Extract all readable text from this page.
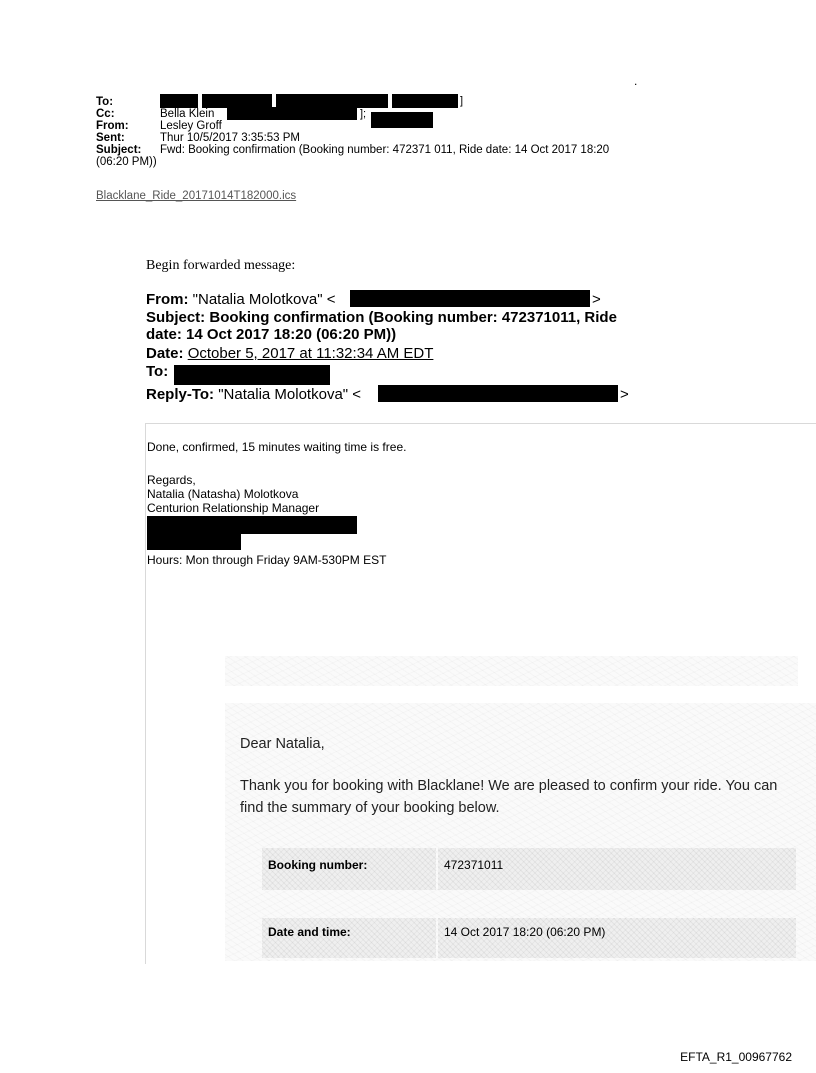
.
To:	]
Cc:	Bella Klein	];
From:	Lesley Groff
Sent:	Thur 10/5/2017 3:35:53 PM
Subject: Fwd: Booking confirmation (Booking number: 472371 011, Ride date: 14 Oct 2017 18:20
(06:20 PM))
Blacklane_Ride_20171014T182000.ics
Begin forwarded message:
From: "Natalia Molotkova" <	>
Subject: Booking confirmation (Booking number: 472371011, Ride
date: 14 Oct 2017 18:20 (06:20 PM))
Date: October 5, 2017 at 11:32:34 AM EDT
To:
Reply-To: "Natalia Molotkova" <	>
Done, confirmed, 15 minutes waiting time is free.
Regards,
Natalia (Natasha) Molotkova
Centurion Relationship Manager
Hours: Mon through Friday 9AM-530PM EST
Dear Natalia,
Thank you for booking with Blacklane! We are pleased to confirm your ride. You can
find the summary of your booking below.
Booking number:	472371011
Date and time:	14 Oct 2017 18:20 (06:20 PM)
EFTA_R1_00967762
